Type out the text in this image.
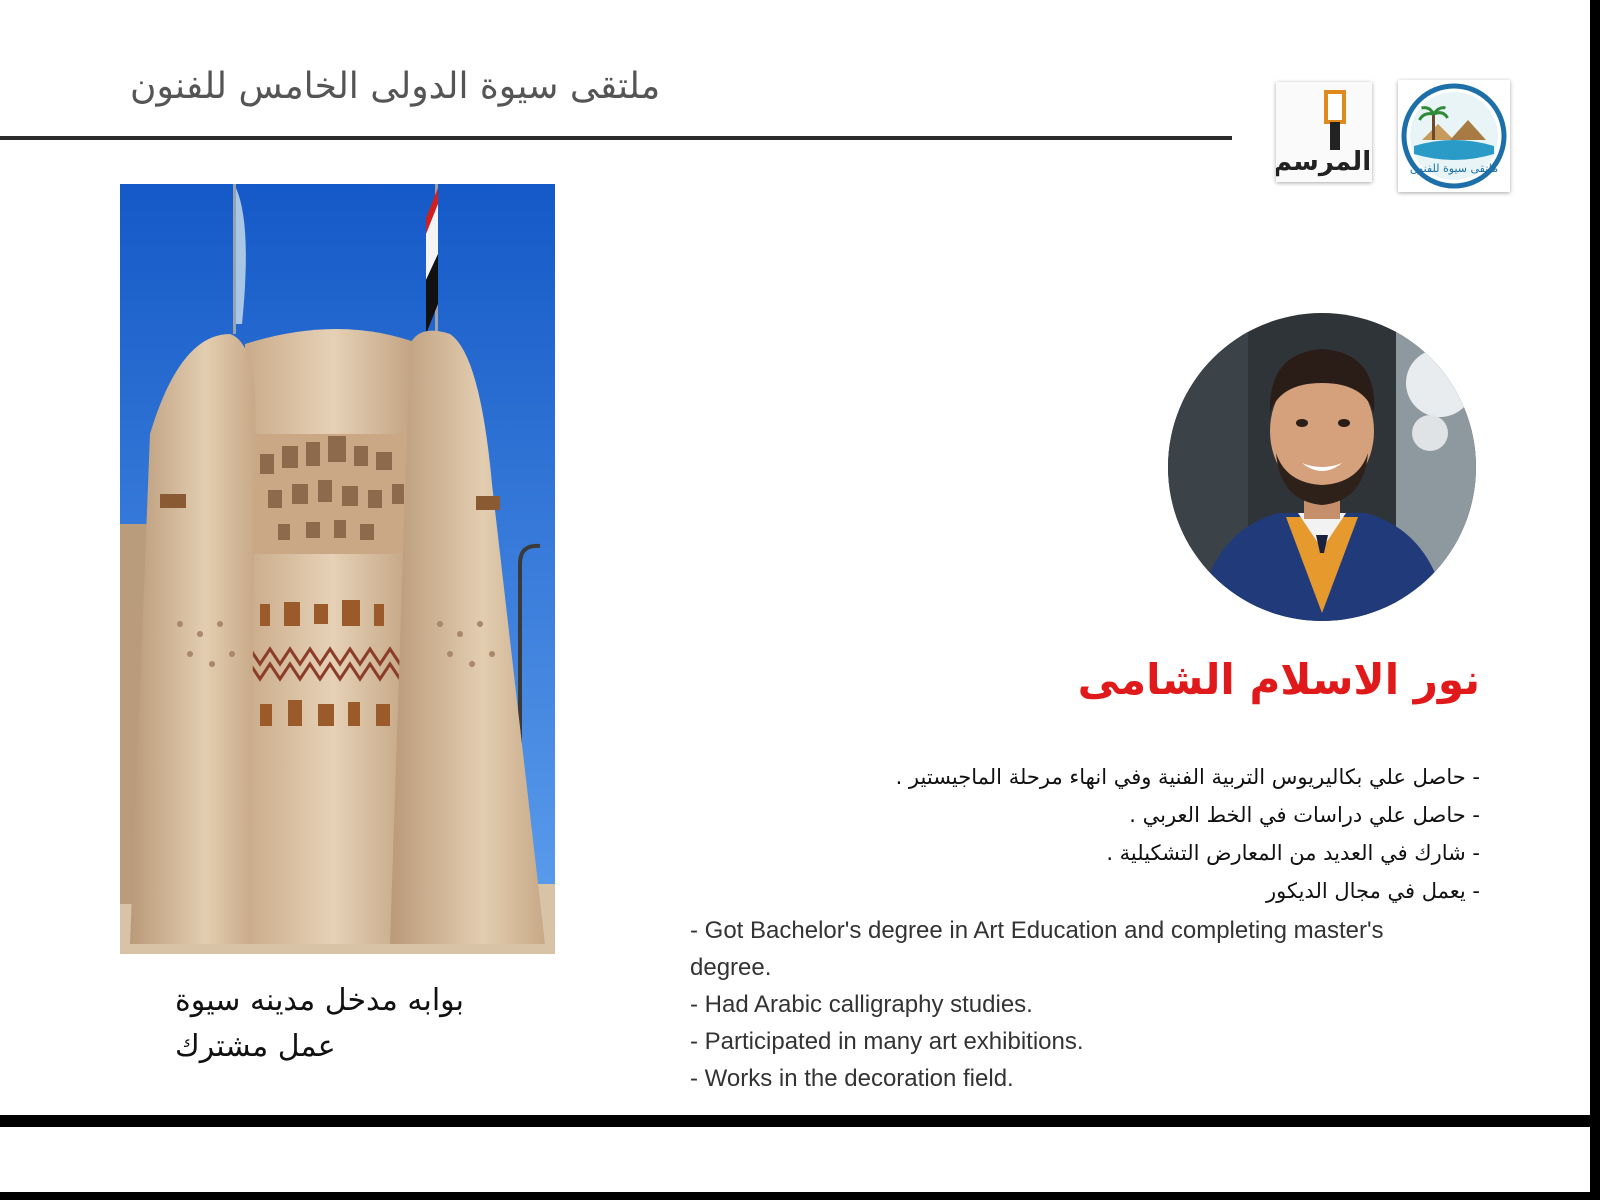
ملتقى سيوة الدولى الخامس للفنون
المرسم	ملتقى سيوة للفنون
بوابه مدخل مدينه سيوة
عمل مشترك
نور الاسلام الشامى
- حاصل علي بكاليريوس التربية الفنية وفي انهاء مرحلة الماجيستير .
- حاصل علي دراسات في الخط العربي .
- شارك في العديد من المعارض التشكيلية .
- يعمل في مجال الديكور
- Got Bachelor's degree in Art Education and completing master's degree.
- Had Arabic calligraphy studies.
- Participated in many art exhibitions.
- Works in the decoration field.
